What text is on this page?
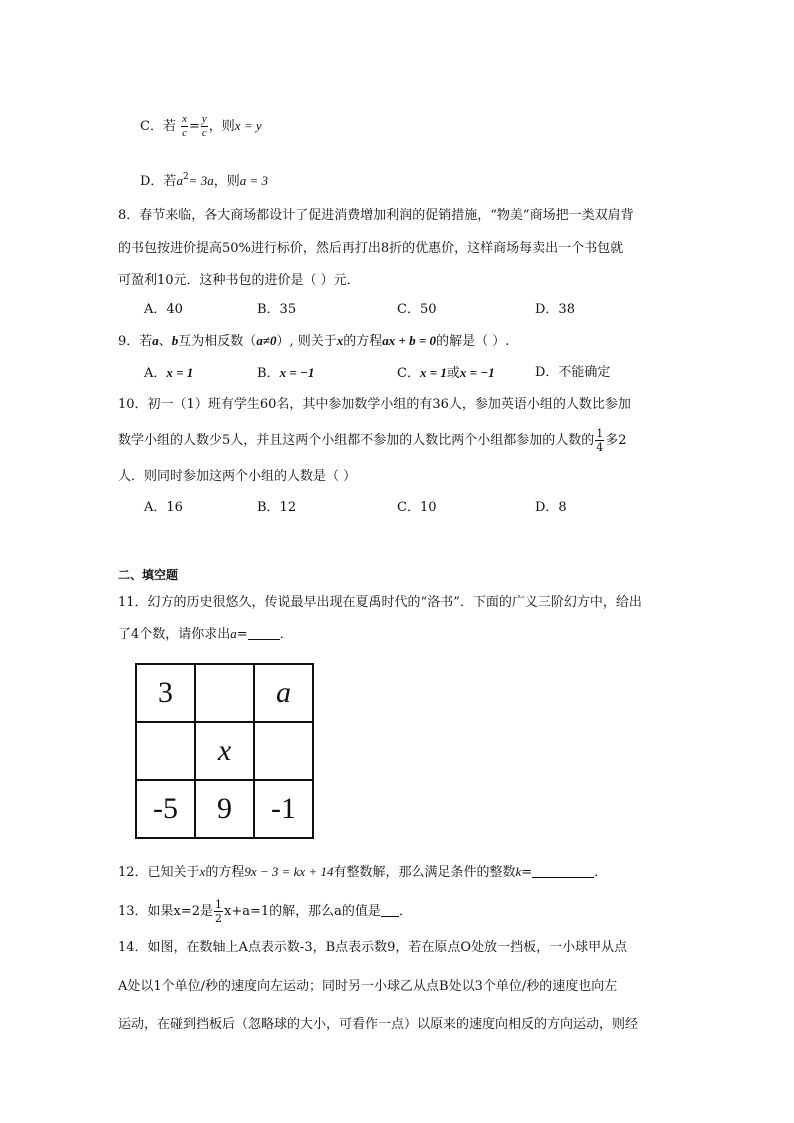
C．若 $\frac{x}{c} = \frac{y}{c}$ ，则x = y
D．若$a^2= 3a$，则a = 3
8．春节来临，各大商场都设计了促进消费增加利润的促销措施，“物美”商场把一类双肩背
的书包按进价提高50%进行标价，然后再打出8折的优惠价，这样商场每卖出一个书包就
可盈利10元．这种书包的进价是（ ）元．
A．40	B．35	C．50	D．38
9．若a、b互为相反数（a≠0）, 则关于x的方程ax + b = 0的解是（ ）.
A．x = 1	B．x = −1	C．x = 1或x = −1	D．不能确定
10．初一（1）班有学生60名，其中参加数学小组的有36人，参加英语小组的人数比参加
数学小组的人数少5人，并且这两个小组都不参加的人数比两个小组都参加的人数的 $\frac{1}{4}$ 多2
人．则同时参加这两个小组的人数是（ ）
A．16	B．12	C．10	D．8
二、填空题
11．幻方的历史很悠久，传说最早出现在夏禹时代的“洛书”．下面的广义三阶幻方中，给出
了4个数，请你求出a= ．
3		a
	x	
-5	9	-1
12．已知关于x的方程9x − 3 = kx + 14有整数解，那么满足条件的整数k=	．
13．如果x=2是 $\frac{1}{2} x+a=1$的解，那么a的值是 ．
14．如图，在数轴上A点表示数-3，B点表示数9，若在原点O处放一挡板，一小球甲从点
A处以1个单位/秒的速度向左运动；同时另一小球乙从点B处以3个单位/秒的速度也向左
运动，在碰到挡板后（忽略球的大小，可看作一点）以原来的速度向相反的方向运动，则经
